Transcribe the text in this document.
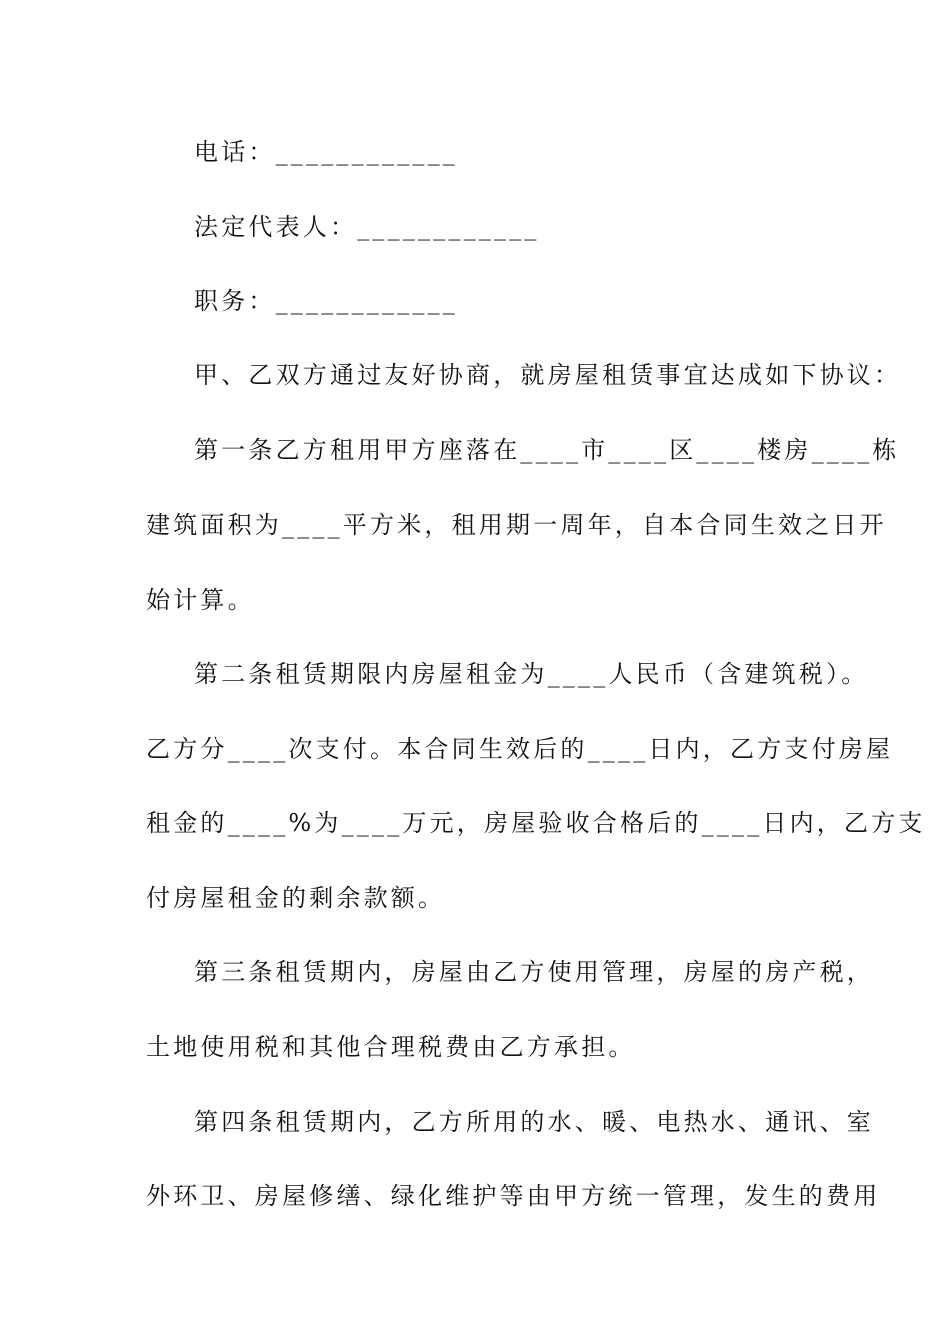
电话：____________
法定代表人：____________
职务：____________
甲、乙双方通过友好协商，就房屋租赁事宜达成如下协议：
第一条乙方租用甲方座落在____市____区____楼房____栋
建筑面积为____平方米，租用期一周年，自本合同生效之日开
始计算。
第二条租赁期限内房屋租金为____人民币（含建筑税）。
乙方分____次支付。本合同生效后的____日内，乙方支付房屋
租金的____%为____万元，房屋验收合格后的____日内，乙方支
付房屋租金的剩余款额。
第三条租赁期内，房屋由乙方使用管理，房屋的房产税，
土地使用税和其他合理税费由乙方承担。
第四条租赁期内，乙方所用的水、暖、电热水、通讯、室
外环卫、房屋修缮、绿化维护等由甲方统一管理，发生的费用
